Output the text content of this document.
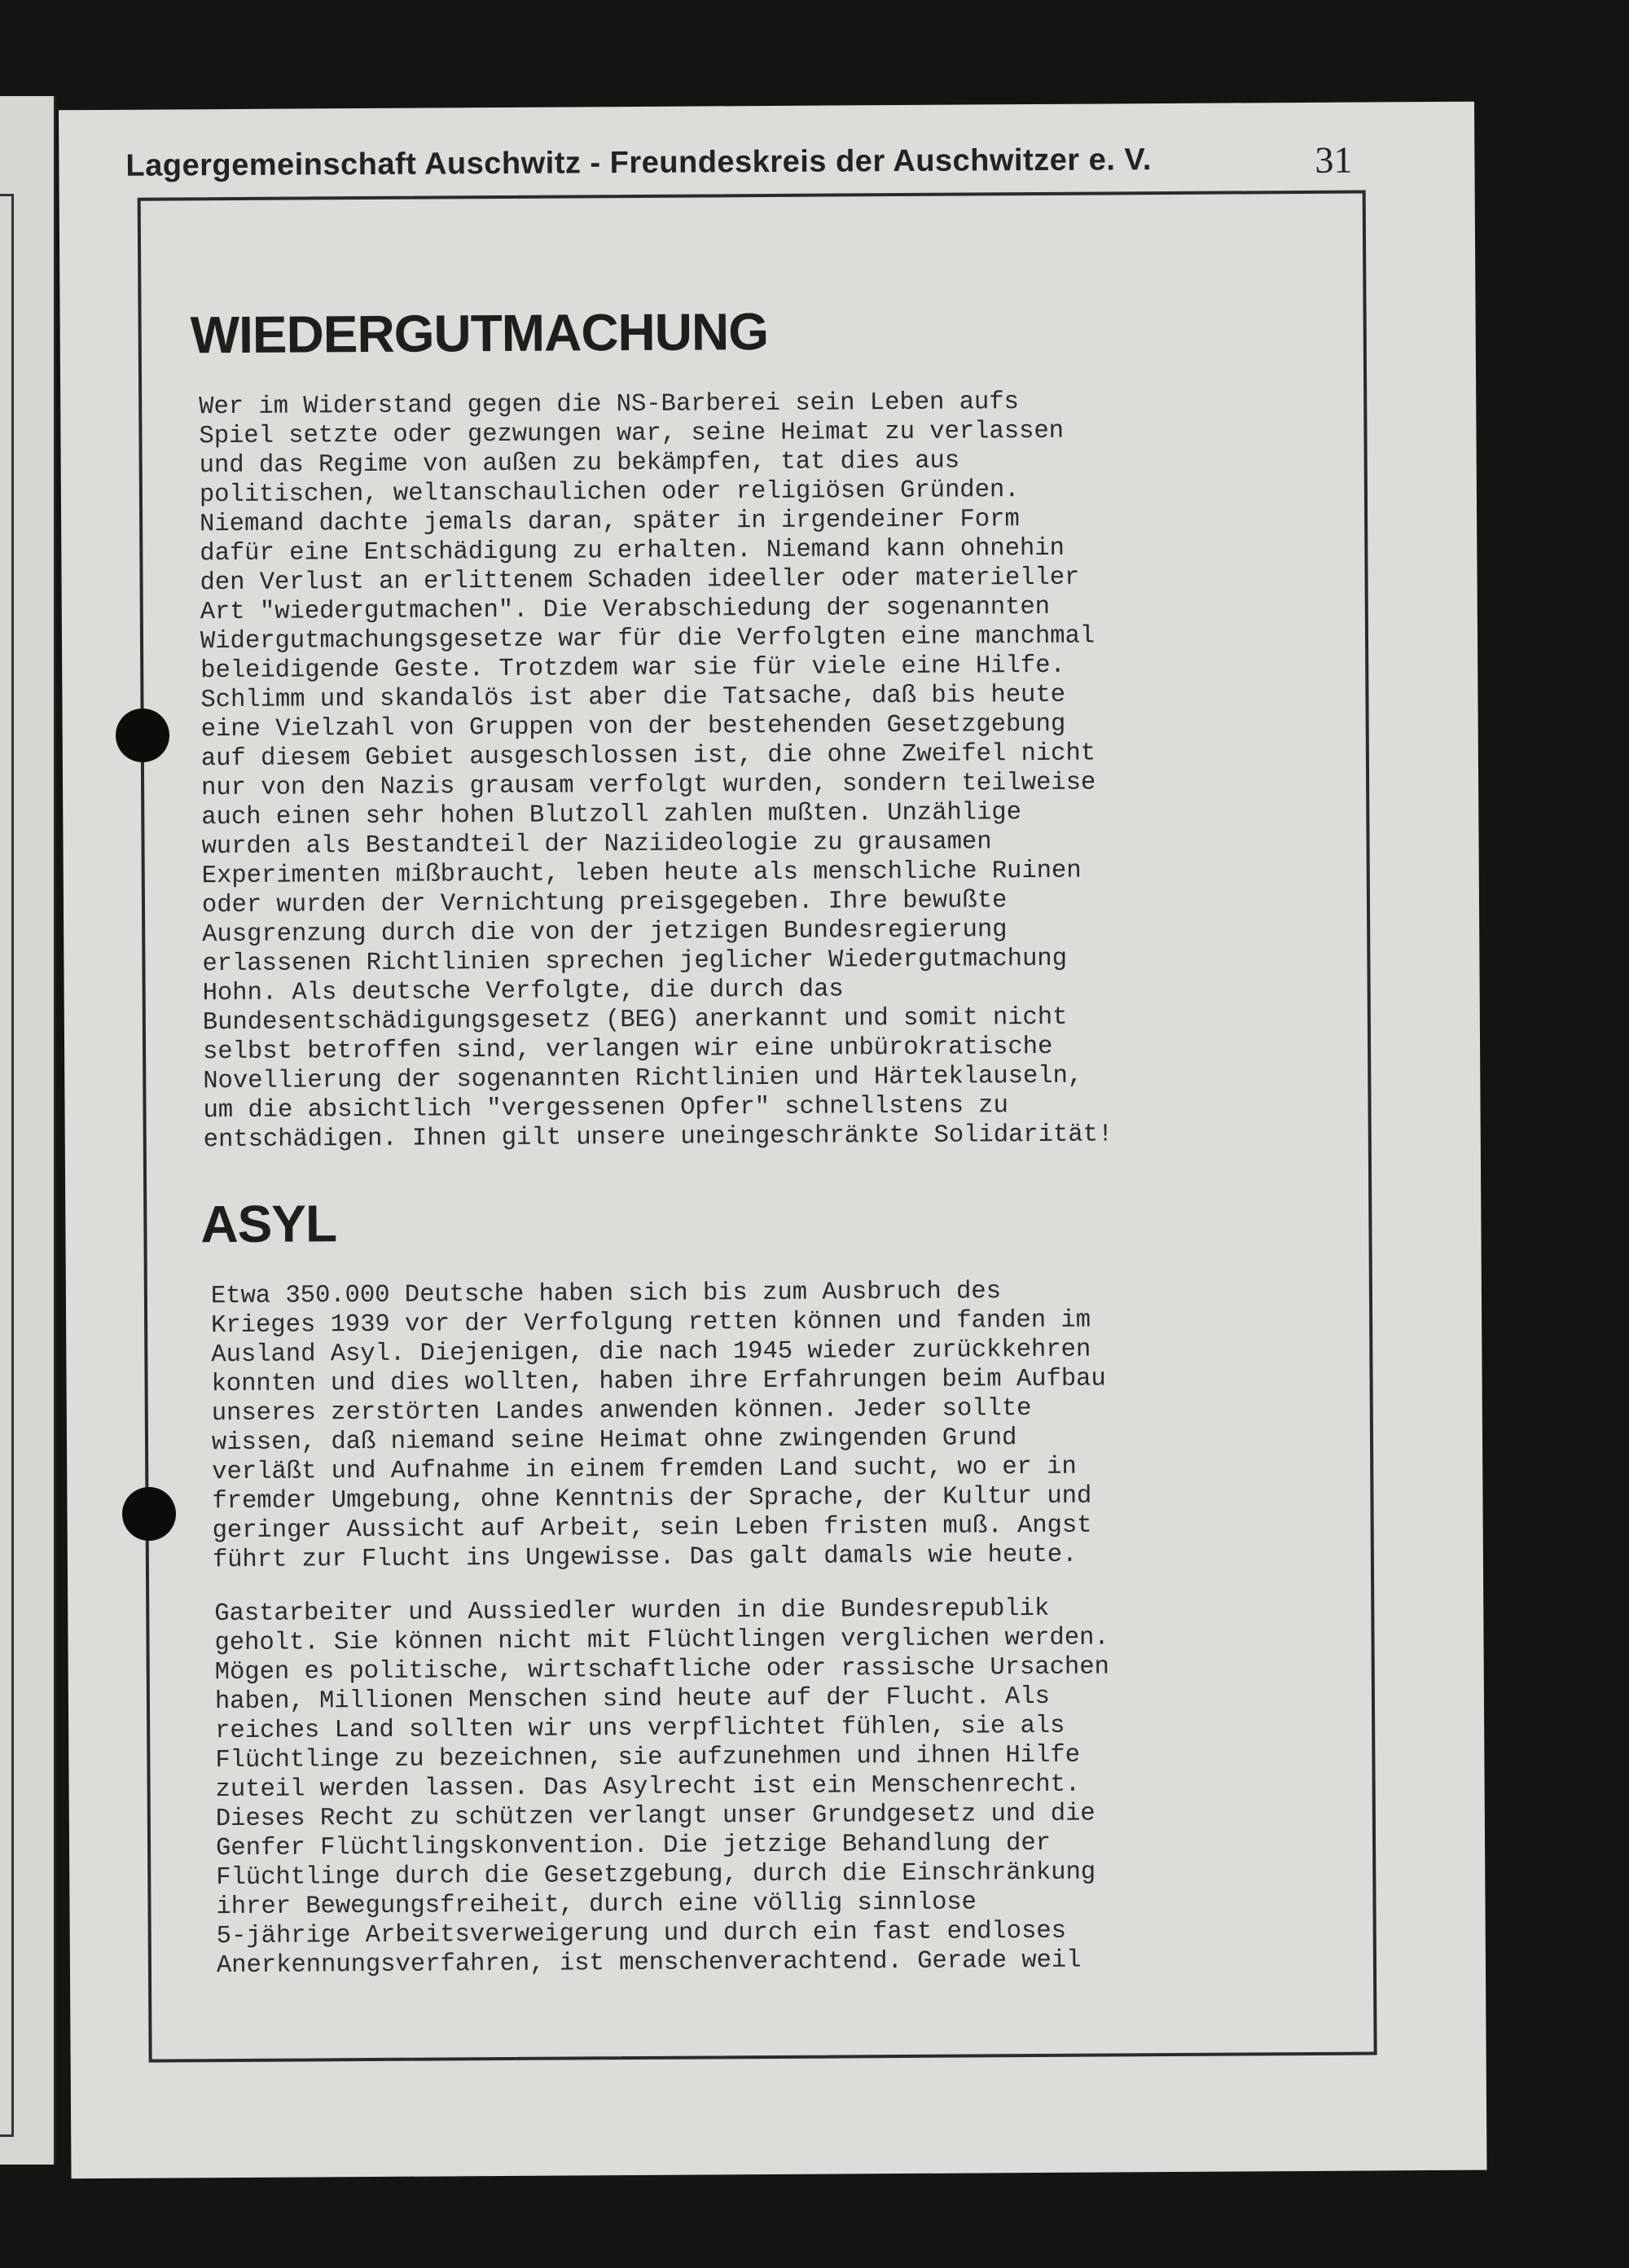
Lagergemeinschaft Auschwitz - Freundeskreis der Auschwitzer e. V.	31
WIEDERGUTMACHUNG
Wer im Widerstand gegen die NS-Barberei sein Leben aufs
Spiel setzte oder gezwungen war, seine Heimat zu verlassen
und das Regime von außen zu bekämpfen, tat dies aus
politischen, weltanschaulichen oder religiösen Gründen.
Niemand dachte jemals daran, später in irgendeiner Form
dafür eine Entschädigung zu erhalten. Niemand kann ohnehin
den Verlust an erlittenem Schaden ideeller oder materieller
Art "wiedergutmachen". Die Verabschiedung der sogenannten
Widergutmachungsgesetze war für die Verfolgten eine manchmal
beleidigende Geste. Trotzdem war sie für viele eine Hilfe.
Schlimm und skandalös ist aber die Tatsache, daß bis heute
eine Vielzahl von Gruppen von der bestehenden Gesetzgebung
auf diesem Gebiet ausgeschlossen ist, die ohne Zweifel nicht
nur von den Nazis grausam verfolgt wurden, sondern teilweise
auch einen sehr hohen Blutzoll zahlen mußten. Unzählige
wurden als Bestandteil der Naziideologie zu grausamen
Experimenten mißbraucht, leben heute als menschliche Ruinen
oder wurden der Vernichtung preisgegeben. Ihre bewußte
Ausgrenzung durch die von der jetzigen Bundesregierung
erlassenen Richtlinien sprechen jeglicher Wiedergutmachung
Hohn. Als deutsche Verfolgte, die durch das
Bundesentschädigungsgesetz (BEG) anerkannt und somit nicht
selbst betroffen sind, verlangen wir eine unbürokratische
Novellierung der sogenannten Richtlinien und Härteklauseln,
um die absichtlich "vergessenen Opfer" schnellstens zu
entschädigen. Ihnen gilt unsere uneingeschränkte Solidarität!
ASYL
Etwa 350.000 Deutsche haben sich bis zum Ausbruch des
Krieges 1939 vor der Verfolgung retten können und fanden im
Ausland Asyl. Diejenigen, die nach 1945 wieder zurückkehren
konnten und dies wollten, haben ihre Erfahrungen beim Aufbau
unseres zerstörten Landes anwenden können. Jeder sollte
wissen, daß niemand seine Heimat ohne zwingenden Grund
verläßt und Aufnahme in einem fremden Land sucht, wo er in
fremder Umgebung, ohne Kenntnis der Sprache, der Kultur und
geringer Aussicht auf Arbeit, sein Leben fristen muß. Angst
führt zur Flucht ins Ungewisse. Das galt damals wie heute.
Gastarbeiter und Aussiedler wurden in die Bundesrepublik
geholt. Sie können nicht mit Flüchtlingen verglichen werden.
Mögen es politische, wirtschaftliche oder rassische Ursachen
haben, Millionen Menschen sind heute auf der Flucht. Als
reiches Land sollten wir uns verpflichtet fühlen, sie als
Flüchtlinge zu bezeichnen, sie aufzunehmen und ihnen Hilfe
zuteil werden lassen. Das Asylrecht ist ein Menschenrecht.
Dieses Recht zu schützen verlangt unser Grundgesetz und die
Genfer Flüchtlingskonvention. Die jetzige Behandlung der
Flüchtlinge durch die Gesetzgebung, durch die Einschränkung
ihrer Bewegungsfreiheit, durch eine völlig sinnlose
5-jährige Arbeitsverweigerung und durch ein fast endloses
Anerkennungsverfahren, ist menschenverachtend. Gerade weil
